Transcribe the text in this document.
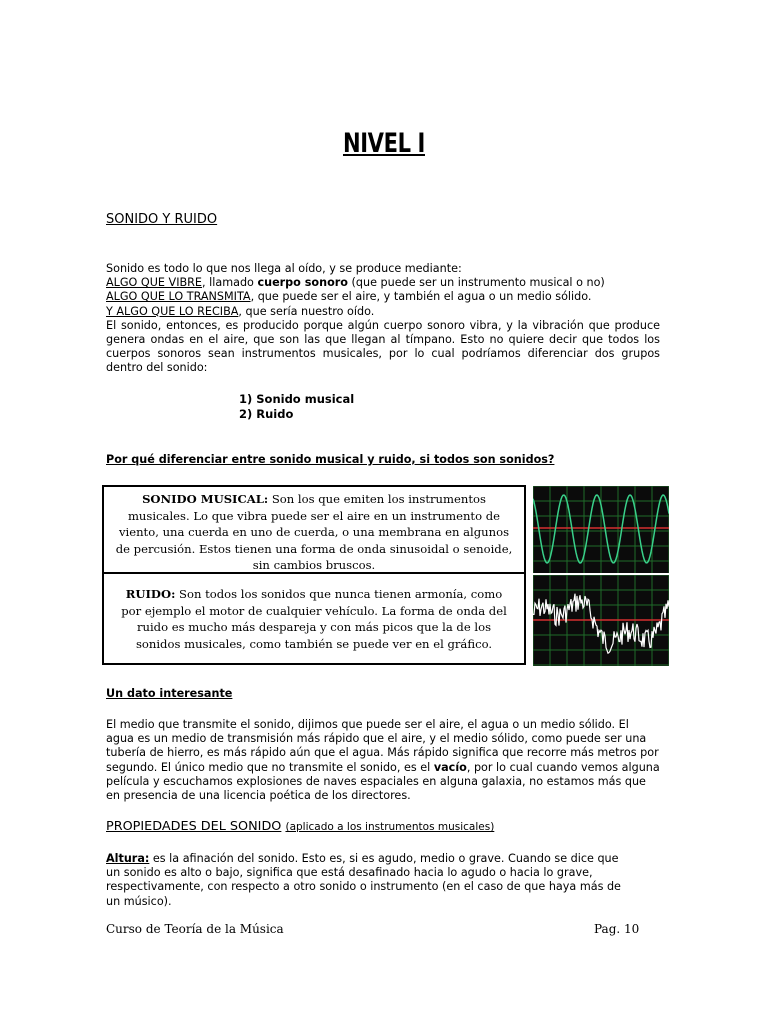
NIVEL I
SONIDO Y RUIDO
Sonido es todo lo que nos llega al oído, y se produce mediante:
ALGO QUE VIBRE, llamado cuerpo sonoro (que puede ser un instrumento musical o no)
ALGO QUE LO TRANSMITA, que puede ser el aire, y también el agua o un medio sólido.
Y ALGO QUE LO RECIBA, que sería nuestro oído.
El sonido, entonces, es producido porque algún cuerpo sonoro vibra, y la vibración que produce genera ondas en el aire, que son las que llegan al tímpano. Esto no quiere decir que todos los cuerpos sonoros sean instrumentos musicales, por lo cual podríamos diferenciar dos grupos dentro del sonido:
1) Sonido musical
2) Ruido
Por qué diferenciar entre sonido musical y ruido, si todos son sonidos?
SONIDO MUSICAL: Son los que emiten los instrumentos musicales. Lo que vibra puede ser el aire en un instrumento de viento, una cuerda en uno de cuerda, o una membrana en algunos de percusión. Estos tienen una forma de onda sinusoidal o senoide, sin cambios bruscos.
RUIDO: Son todos los sonidos que nunca tienen armonía, como por ejemplo el motor de cualquier vehículo. La forma de onda del ruido es mucho más despareja y con más picos que la de los sonidos musicales, como también se puede ver en el gráfico.
Un dato interesante
El medio que transmite el sonido, dijimos que puede ser el aire, el agua o un medio sólido. El agua es un medio de transmisión más rápido que el aire, y el medio sólido, como puede ser una tubería de hierro, es más rápido aún que el agua. Más rápido significa que recorre más metros por segundo. El único medio que no transmite el sonido, es el vacío, por lo cual cuando vemos alguna película y escuchamos explosiones de naves espaciales en alguna galaxia, no estamos más que en presencia de una licencia poética de los directores.
PROPIEDADES DEL SONIDO (aplicado a los instrumentos musicales)
Altura: es la afinación del sonido. Esto es, si es agudo, medio o grave. Cuando se dice que un sonido es alto o bajo, significa que está desafinado hacia lo agudo o hacia lo grave, respectivamente, con respecto a otro sonido o instrumento (en el caso de que haya más de un músico).
Curso de Teoría de la Música	Pag. 10
